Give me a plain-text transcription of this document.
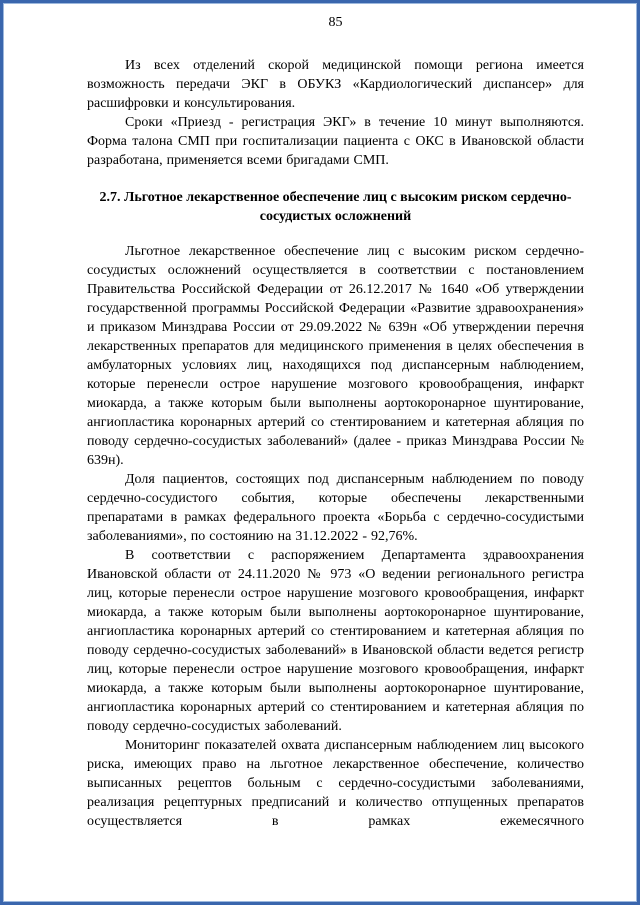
85

Из всех отделений скорой медицинской помощи региона имеется возможность передачи ЭКГ в ОБУКЗ «Кардиологический диспансер» для расшифровки и консультирования.

Сроки «Приезд - регистрация ЭКГ» в течение 10 минут выполняются. Форма талона СМП при госпитализации пациента с ОКС в Ивановской области разработана, применяется всеми бригадами СМП.

2.7. Льготное лекарственное обеспечение лиц с высоким риском сердечно-сосудистых осложнений

Льготное лекарственное обеспечение лиц с высоким риском сердечно-сосудистых осложнений осуществляется в соответствии с постановлением Правительства Российской Федерации от 26.12.2017 № 1640 «Об утверждении государственной программы Российской Федерации «Развитие здравоохранения» и приказом Минздрава России от 29.09.2022 № 639н «Об утверждении перечня лекарственных препаратов для медицинского применения в целях обеспечения в амбулаторных условиях лиц, находящихся под диспансерным наблюдением, которые перенесли острое нарушение мозгового кровообращения, инфаркт миокарда, а также которым были выполнены аортокоронарное шунтирование, ангиопластика коронарных артерий со стентированием и катетерная абляция по поводу сердечно-сосудистых заболеваний» (далее - приказ Минздрава России № 639н).

Доля пациентов, состоящих под диспансерным наблюдением по поводу сердечно-сосудистого события, которые обеспечены лекарственными препаратами в рамках федерального проекта «Борьба с сердечно-сосудистыми заболеваниями», по состоянию на 31.12.2022 - 92,76%.

В соответствии с распоряжением Департамента здравоохранения Ивановской области от 24.11.2020 № 973 «О ведении регионального регистра лиц, которые перенесли острое нарушение мозгового кровообращения, инфаркт миокарда, а также которым были выполнены аортокоронарное шунтирование, ангиопластика коронарных артерий со стентированием и катетерная абляция по поводу сердечно-сосудистых заболеваний» в Ивановской области ведется регистр лиц, которые перенесли острое нарушение мозгового кровообращения, инфаркт миокарда, а также которым были выполнены аортокоронарное шунтирование, ангиопластика коронарных артерий со стентированием и катетерная абляция по поводу сердечно-сосудистых заболеваний.

Мониторинг показателей охвата диспансерным наблюдением лиц высокого риска, имеющих право на льготное лекарственное обеспечение, количество выписанных рецептов больным с сердечно-сосудистыми заболеваниями, реализация рецептурных предписаний и количество отпущенных препаратов осуществляется в рамках ежемесячного
